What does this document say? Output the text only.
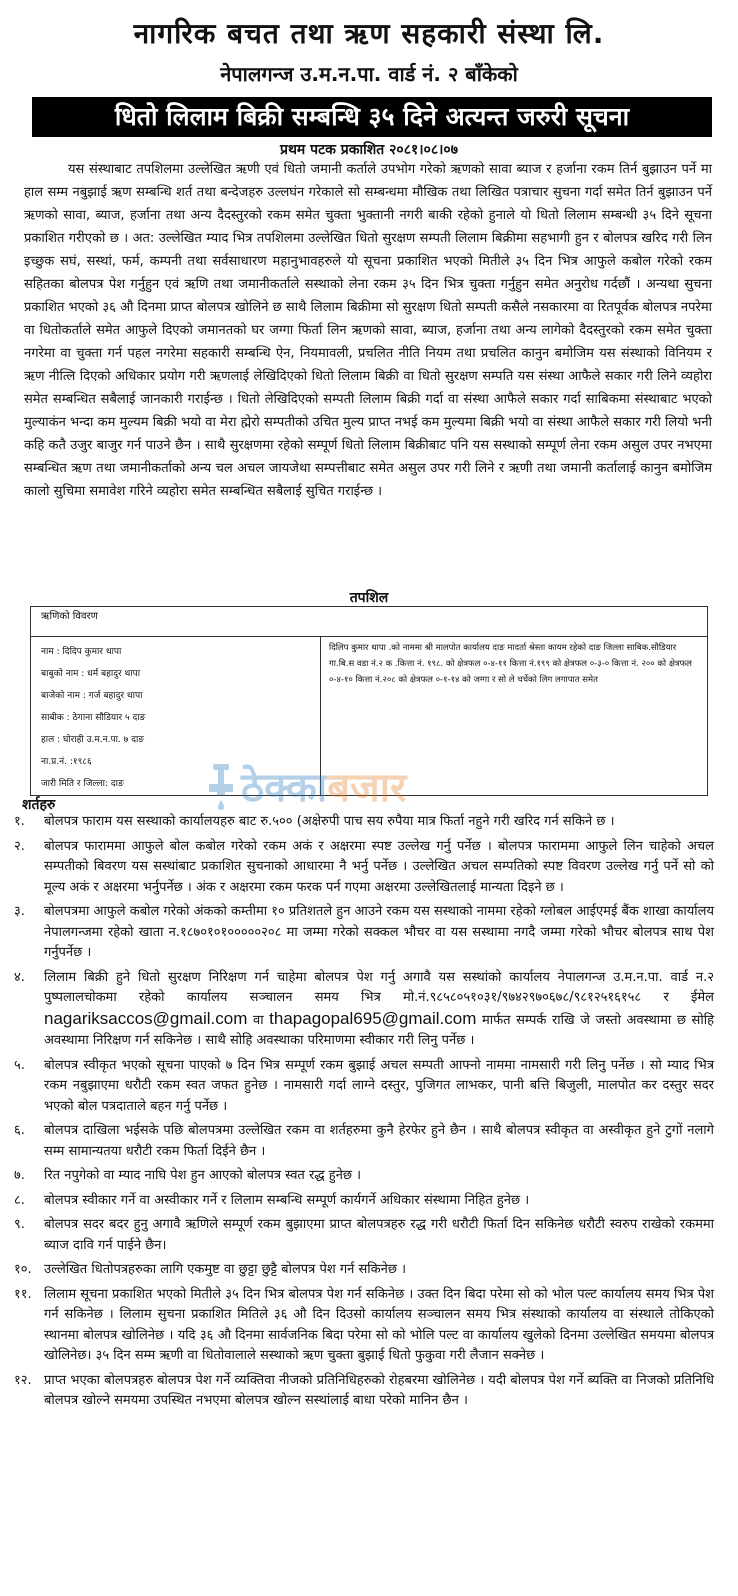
नागरिक बचत तथा ऋण सहकारी संस्था लि.
नेपालगन्ज उ.म.न.पा. वार्ड नं. २ बाँकेको
धितो लिलाम बिक्री सम्बन्धि ३५ दिने अत्यन्त जरुरी सूचना
प्रथम पटक प्रकाशित २०८१।०८।०७
यस संस्थाबाट तपशिलमा उल्लेखित ऋणी एवं धितो जमानी कर्ताले उपभोग गरेको ऋणको सावा ब्याज र हर्जाना रकम तिर्न बुझाउन पर्ने मा हाल सम्म नबुझाई ऋण सम्बन्धि शर्त तथा बन्देजहरु उल्लघंन गरेकाले सो सम्बन्धमा मौखिक तथा लिखित पत्राचार सुचना गर्दा समेत तिर्न बुझाउन पर्ने ऋणको सावा, ब्याज, हर्जाना तथा अन्य दैदस्तुरको रकम समेत चुक्ता भुक्तानी नगरी बाकी रहेको हुनाले यो धितो लिलाम सम्बन्धी ३५ दिने सूचना प्रकाशित गरीएको छ । अत: उल्लेखित म्याद भित्र तपशिलमा उल्लेखित धितो सुरक्षण सम्पती लिलाम बिक्रीमा सहभागी हुन र बोलपत्र खरिद गरी लिन इच्छुक सघं, सस्थां, फर्म, कम्पनी तथा सर्वसाधारण महानुभावहरुले यो सूचना प्रकाशित भएको मितीले ३५ दिन भित्र आफुले कबोल गरेको रकम सहितका बोलपत्र पेश गर्नुहुन एवं ऋणि तथा जमानीकर्ताले सस्थाको लेना रकम ३५ दिन भित्र चुक्ता गर्नुहुन समेत अनुरोध गर्दछौं । अन्यथा सुचना प्रकाशित भएको ३६ औ दिनमा प्राप्त बोलपत्र खोलिने छ साथै लिलाम बिक्रीमा सो सुरक्षण धितो सम्पती कसैले नसकारमा वा रितपूर्वक बोलपत्र नपरेमा वा धितोकर्ताले समेत आफुले दिएको जमानतको घर जग्गा फिर्ता लिन ऋणको सावा, ब्याज, हर्जाना तथा अन्य लागेको दैदस्तुरको रकम समेत चुक्ता नगरेमा वा चुक्ता गर्न पहल नगरेमा सहकारी सम्बन्धि ऐन, नियमावली, प्रचलित नीति नियम तथा प्रचलित कानुन बमोजिम यस संस्थाको विनियम र ऋण नीत्लि दिएको अधिकार प्रयोग गरी ऋणलाई लेखिदिएको धितो लिलाम बिक्री वा धितो सुरक्षण सम्पति यस संस्था आफैले सकार गरी लिने व्यहोरा समेत सम्बन्धित सबैलाई जानकारी गराईन्छ । धितो लेखिदिएको सम्पती लिलाम बिक्री गर्दा वा संस्था आफैले सकार गर्दा साबिकमा संस्थाबाट भएको मुल्याकंन भन्दा कम मुल्यम बिक्री भयो वा मेरा ह्मेरो सम्पतीको उचित मुल्य प्राप्त नभई कम मुल्यमा बिक्री भयो वा संस्था आफैले सकार गरी लियो भनी कहि कतै उजुर बाजुर गर्न पाउने छैन । साथै सुरक्षणमा रहेको सम्पूर्ण धितो लिलाम बिक्रीबाट पनि यस सस्थाको सम्पूर्ण लेना रकम असुल उपर नभएमा सम्बन्धित ऋण तथा जमानीकर्ताको अन्य चल अचल जायजेथा सम्पत्तीबाट समेत असुल उपर गरी लिने र ऋणी तथा जमानी कर्तालाई कानुन बमोजिम कालो सुचिमा समावेश गरिने व्यहोरा समेत सम्बन्धित सबैलाई सुचित गराईन्छ ।
तपशिल
ऋणिको विवरण
नाम : दिदिप कुमार थापा
बाबुको नाम : धर्म बहादुर थापा
बाजेको नाम : गर्ज बहादुर थापा
साबीक : ठेगाना सौडियार ५ दाङ
हाल : घोराही उ.म.न.पा. ७ दाङ
ना.प्र.नं. :१९८६
जारी मिति र जिल्ला: दाङ
दिलिप कुमार थापा .को नाममा श्री मालपोत कार्यालय दाङ मादर्ता श्रेस्ता कायम रहेको दाङ जिल्ला साबिक.सौडियार गा.बि.स वडा नं.२ क .कित्ता नं. १९८. को क्षेत्रफल ०-४-११ कित्ता नं.१९९ को क्षेत्रफल ०-३-० कित्ता नं. २०० को क्षेत्रफल ०-४-१० कित्ता नं.२०८ को क्षेत्रफल ०-१-१४ को जग्गा र सो ले चर्चेको लिग लगापात समेत
ठेक्काबजार
शर्तहरु
१.	बोलपत्र फाराम यस सस्थाको कार्यालयहरु बाट रु.५०० (अक्षेरुपी पाच सय रुपैया मात्र फिर्ता नहुने गरी खरिद गर्न सकिने छ ।
२.	बोलपत्र फाराममा आफुले बोल कबोल गरेको रकम अकं र अक्षरमा स्पष्ट उल्लेख गर्नु पर्नेछ । बोलपत्र फाराममा आफुले लिन चाहेको अचल सम्पतीको बिवरण यस सस्थांबाट प्रकाशित सुचनाको आधारमा नै भर्नु पर्नेछ । उल्लेखित अचल सम्पतिको स्पष्ट विवरण उल्लेख गर्नु पर्ने सो को मूल्य अकं र अक्षरमा भर्नुपर्नेछ । अंक र अक्षरमा रकम फरक पर्न गएमा अक्षरमा उल्लेखितलाई मान्यता दिइने छ ।
३.	बोलपत्रमा आफुले कबोल गरेको अंकको कम्तीमा १० प्रतिशतले हुन आउने रकम यस सस्थाको नाममा रहेको ग्लोबल आईएमई बैंक शाखा कार्यालय नेपालगन्जमा रहेको खाता न.१८७०१०१०००००२०८ मा जम्मा गरेको सक्कल भौचर वा यस सस्थामा नगदै जम्मा गरेको भौचर बोलपत्र साथ पेश गर्नुपर्नेछ ।
४.	लिलाम बिक्री हुने धितो सुरक्षण निरिक्षण गर्न चाहेमा बोलपत्र पेश गर्नु अगावै यस सस्थांको कार्यालय नेपालगन्ज उ.म.न.पा. वार्ड न.२ पुष्पलालचोकमा रहेको कार्यालय सञ्चालन समय भित्र मो.नं.९८५८०५१०३१/९७४२९७०६७८/९८१२५१६१५८ र ईमेल nagariksaccos@gmail.com वा thapagopal695@gmail.com मार्फत सम्पर्क राखि जे जस्तो अवस्थामा छ सोहि अवस्थामा निरिक्षण गर्न सकिनेछ । साथै सोहि अवस्थाका परिमाणमा स्वीकार गरी लिनु पर्नेछ ।
५.	बोलपत्र स्वीकृत भएको सूचना पाएको ७ दिन भित्र सम्पूर्ण रकम बुझाई अचल सम्पती आफ्नो नाममा नामसारी गरी लिनु पर्नेछ । सो म्याद भित्र रकम नबुझाएमा धरौटी रकम स्वत जफत हुनेछ । नामसारी गर्दा लाग्ने दस्तुर, पुजिगत लाभकर, पानी बत्ति बिजुली, मालपोत कर दस्तुर सदर भएको बोल पत्रदाताले बहन गर्नु पर्नेछ ।
६.	बोलपत्र दाखिला भईसके पछि बोलपत्रमा उल्लेखित रकम वा शर्तहरुमा कुनै हेरफेर हुने छैन । साथै बोलपत्र स्वीकृत वा अस्वीकृत हुने टुगों नलागे सम्म सामान्यतया धरौटी रकम फिर्ता दिईने छैन ।
७.	रित नपुगेको वा म्याद नाघि पेश हुन आएको बोलपत्र स्वत रद्ध हुनेछ ।
८.	बोलपत्र स्वीकार गर्ने वा अस्वीकार गर्ने र लिलाम सम्बन्धि सम्पूर्ण कार्यगर्ने अधिकार संस्थामा निहित हुनेछ ।
९.	बोलपत्र सदर बदर हुनु अगावै ऋणिले सम्पूर्ण रकम बुझाएमा प्राप्त बोलपत्रहरु रद्ध गरी धरौटी फिर्ता दिन सकिनेछ धरौटी स्वरुप राखेको रकममा ब्याज दावि गर्न पाईने छैन।
१०. उल्लेखित धितोपत्रहरुका लागि एकमुष्ट वा छुट्टा छुट्टै बोलपत्र पेश गर्न सकिनेछ ।
११. लिलाम सूचना प्रकाशित भएको मितीले ३५ दिन भित्र बोलपत्र पेश गर्न सकिनेछ । उक्त दिन बिदा परेमा सो को भोल पल्ट कार्यालय समय भित्र पेश गर्न सकिनेछ । लिलाम सुचना प्रकाशित मितिले ३६ औ दिन दिउसो कार्यालय सञ्चालन समय भित्र संस्थाको कार्यालय वा संस्थाले तोकिएको स्थानमा बोलपत्र खोलिनेछ । यदि ३६ औ दिनमा सार्वजनिक बिदा परेमा सो को भोलि पल्ट वा कार्यालय खुलेको दिनमा उल्लेखित समयमा बोलपत्र खोलिनेछ। ३५ दिन सम्म ऋणी वा धितोवालाले सस्थाको ऋण चुक्ता बुझाई धितो फुकुवा गरी लैजान सक्नेछ ।
१२. प्राप्त भएका बोलपत्रहरु बोलपत्र पेश गर्ने व्यक्तिवा नीजको प्रतिनिधिहरुको रोहबरमा खोलिनेछ । यदी बोलपत्र पेश गर्ने ब्यक्ति वा निजको प्रतिनिधि बोलपत्र खोल्ने समयमा उपस्थित नभएमा बोलपत्र खोल्न सस्थांलाई बाधा परेको मानिन छैन ।
